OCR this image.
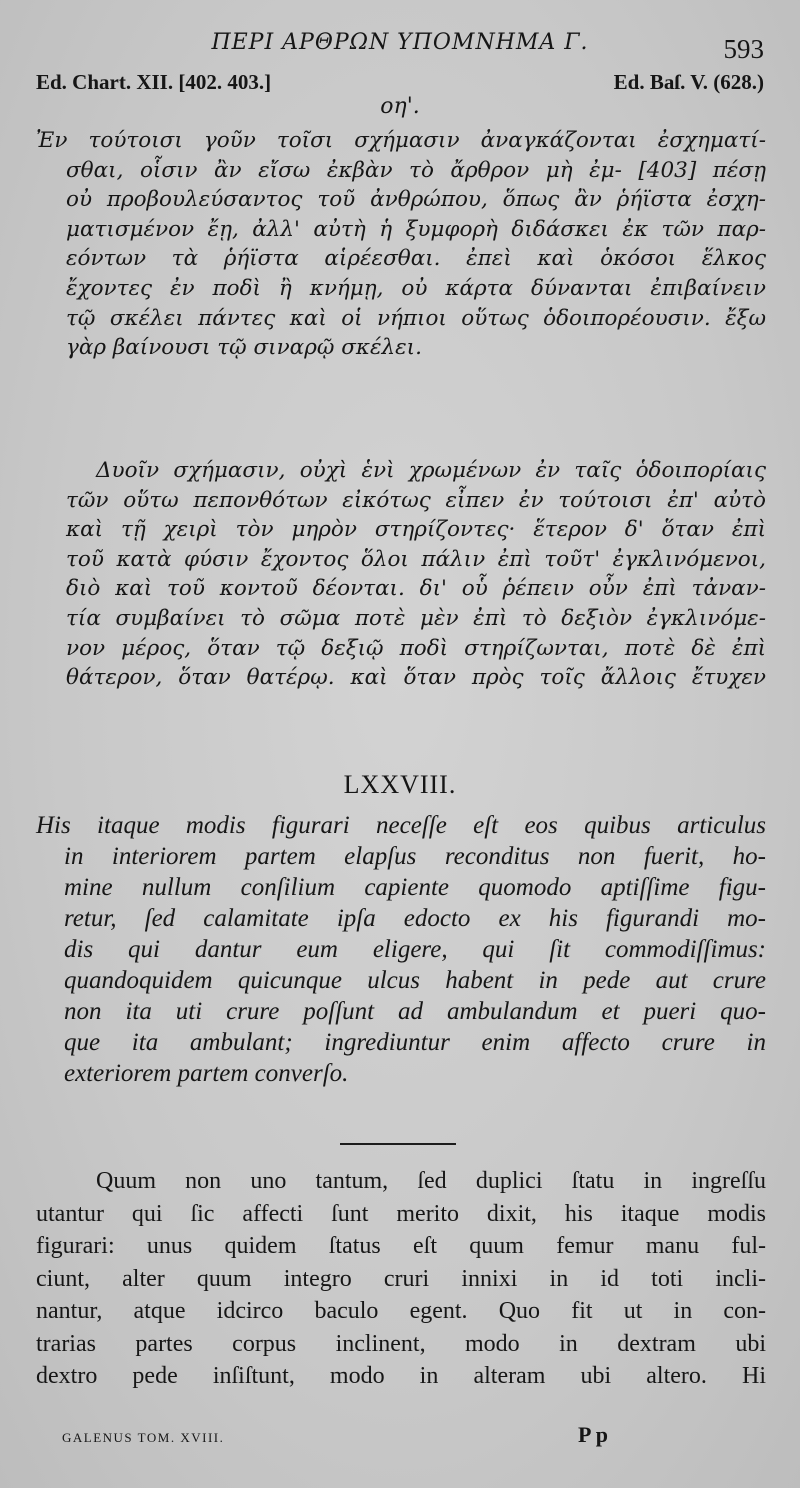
ΠΕΡΙ ΑΡΘΡΩΝ ΥΠΟΜΝΗΜΑ Γ.	593
Ed. Chart. XII. [402. 403.]	Ed. Baſ. V. (628.)
οη'.
Ἐν τούτοισι γοῦν τοῖσι σχήμασιν ἀναγκάζονται ἐσχηματί-
σθαι, οἷσιν ἂν εἴσω ἐκβὰν τὸ ἄρθρον μὴ ἐμ- [403] πέσῃ
οὐ προβουλεύσαντος τοῦ ἀνθρώπου, ὅπως ἂν ῥήϊστα ἐσχη-
ματισμένον ἔῃ, ἀλλ' αὐτὴ ἡ ξυμφορὴ διδάσκει ἐκ τῶν παρ-
εόντων τὰ ῥήϊστα αἱρέεσθαι. ἐπεὶ καὶ ὁκόσοι ἕλκος
ἔχοντες ἐν ποδὶ ἢ κνήμῃ, οὐ κάρτα δύνανται ἐπιβαίνειν
τῷ σκέλει πάντες καὶ οἱ νήπιοι οὕτως ὁδοιπορέουσιν. ἔξω
γὰρ βαίνουσι τῷ σιναρῷ σκέλει.
Δυοῖν σχήμασιν, οὐχὶ ἑνὶ χρωμένων ἐν ταῖς ὁδοιπορίαις
τῶν οὕτω πεπονθότων εἰκότως εἶπεν ἐν τούτοισι ἐπ' αὐτὸ
καὶ τῇ χειρὶ τὸν μηρὸν στηρίζοντες· ἕτερον δ' ὅταν ἐπὶ
τοῦ κατὰ φύσιν ἔχοντος ὅλοι πάλιν ἐπὶ τοῦτ' ἐγκλινόμενοι,
διὸ καὶ τοῦ κοντοῦ δέονται. δι' οὗ ῥέπειν οὖν ἐπὶ τἀναν-
τία συμβαίνει τὸ σῶμα ποτὲ μὲν ἐπὶ τὸ δεξιὸν ἐγκλινόμε-
νον μέρος, ὅταν τῷ δεξιῷ ποδὶ στηρίζωνται, ποτὲ δὲ ἐπὶ
θάτερον, ὅταν θατέρῳ. καὶ ὅταν πρὸς τοῖς ἄλλοις ἔτυχεν
LXXVIII.
His itaque modis figurari neceſſe eſt eos quibus articulus
in interiorem partem elapſus reconditus non fuerit, ho-
mine nullum conſilium capiente quomodo aptiſſime figu-
retur, ſed calamitate ipſa edocto ex his figurandi mo-
dis qui dantur eum eligere, qui ſit commodiſſimus:
quandoquidem quicunque ulcus habent in pede aut crure
non ita uti crure poſſunt ad ambulandum et pueri quo-
que ita ambulant; ingrediuntur enim affecto crure in
exteriorem partem converſo.
Quum non uno tantum, ſed duplici ſtatu in ingreſſu
utantur qui ſic affecti ſunt merito dixit, his itaque modis
figurari: unus quidem ſtatus eſt quum femur manu ful-
ciunt, alter quum integro cruri innixi in id toti incli-
nantur, atque idcirco baculo egent. Quo fit ut in con-
trarias partes corpus inclinent, modo in dextram ubi
dextro pede inſiſtunt, modo in alteram ubi altero. Hi
GALENUS TOM. XVIII.	P p
